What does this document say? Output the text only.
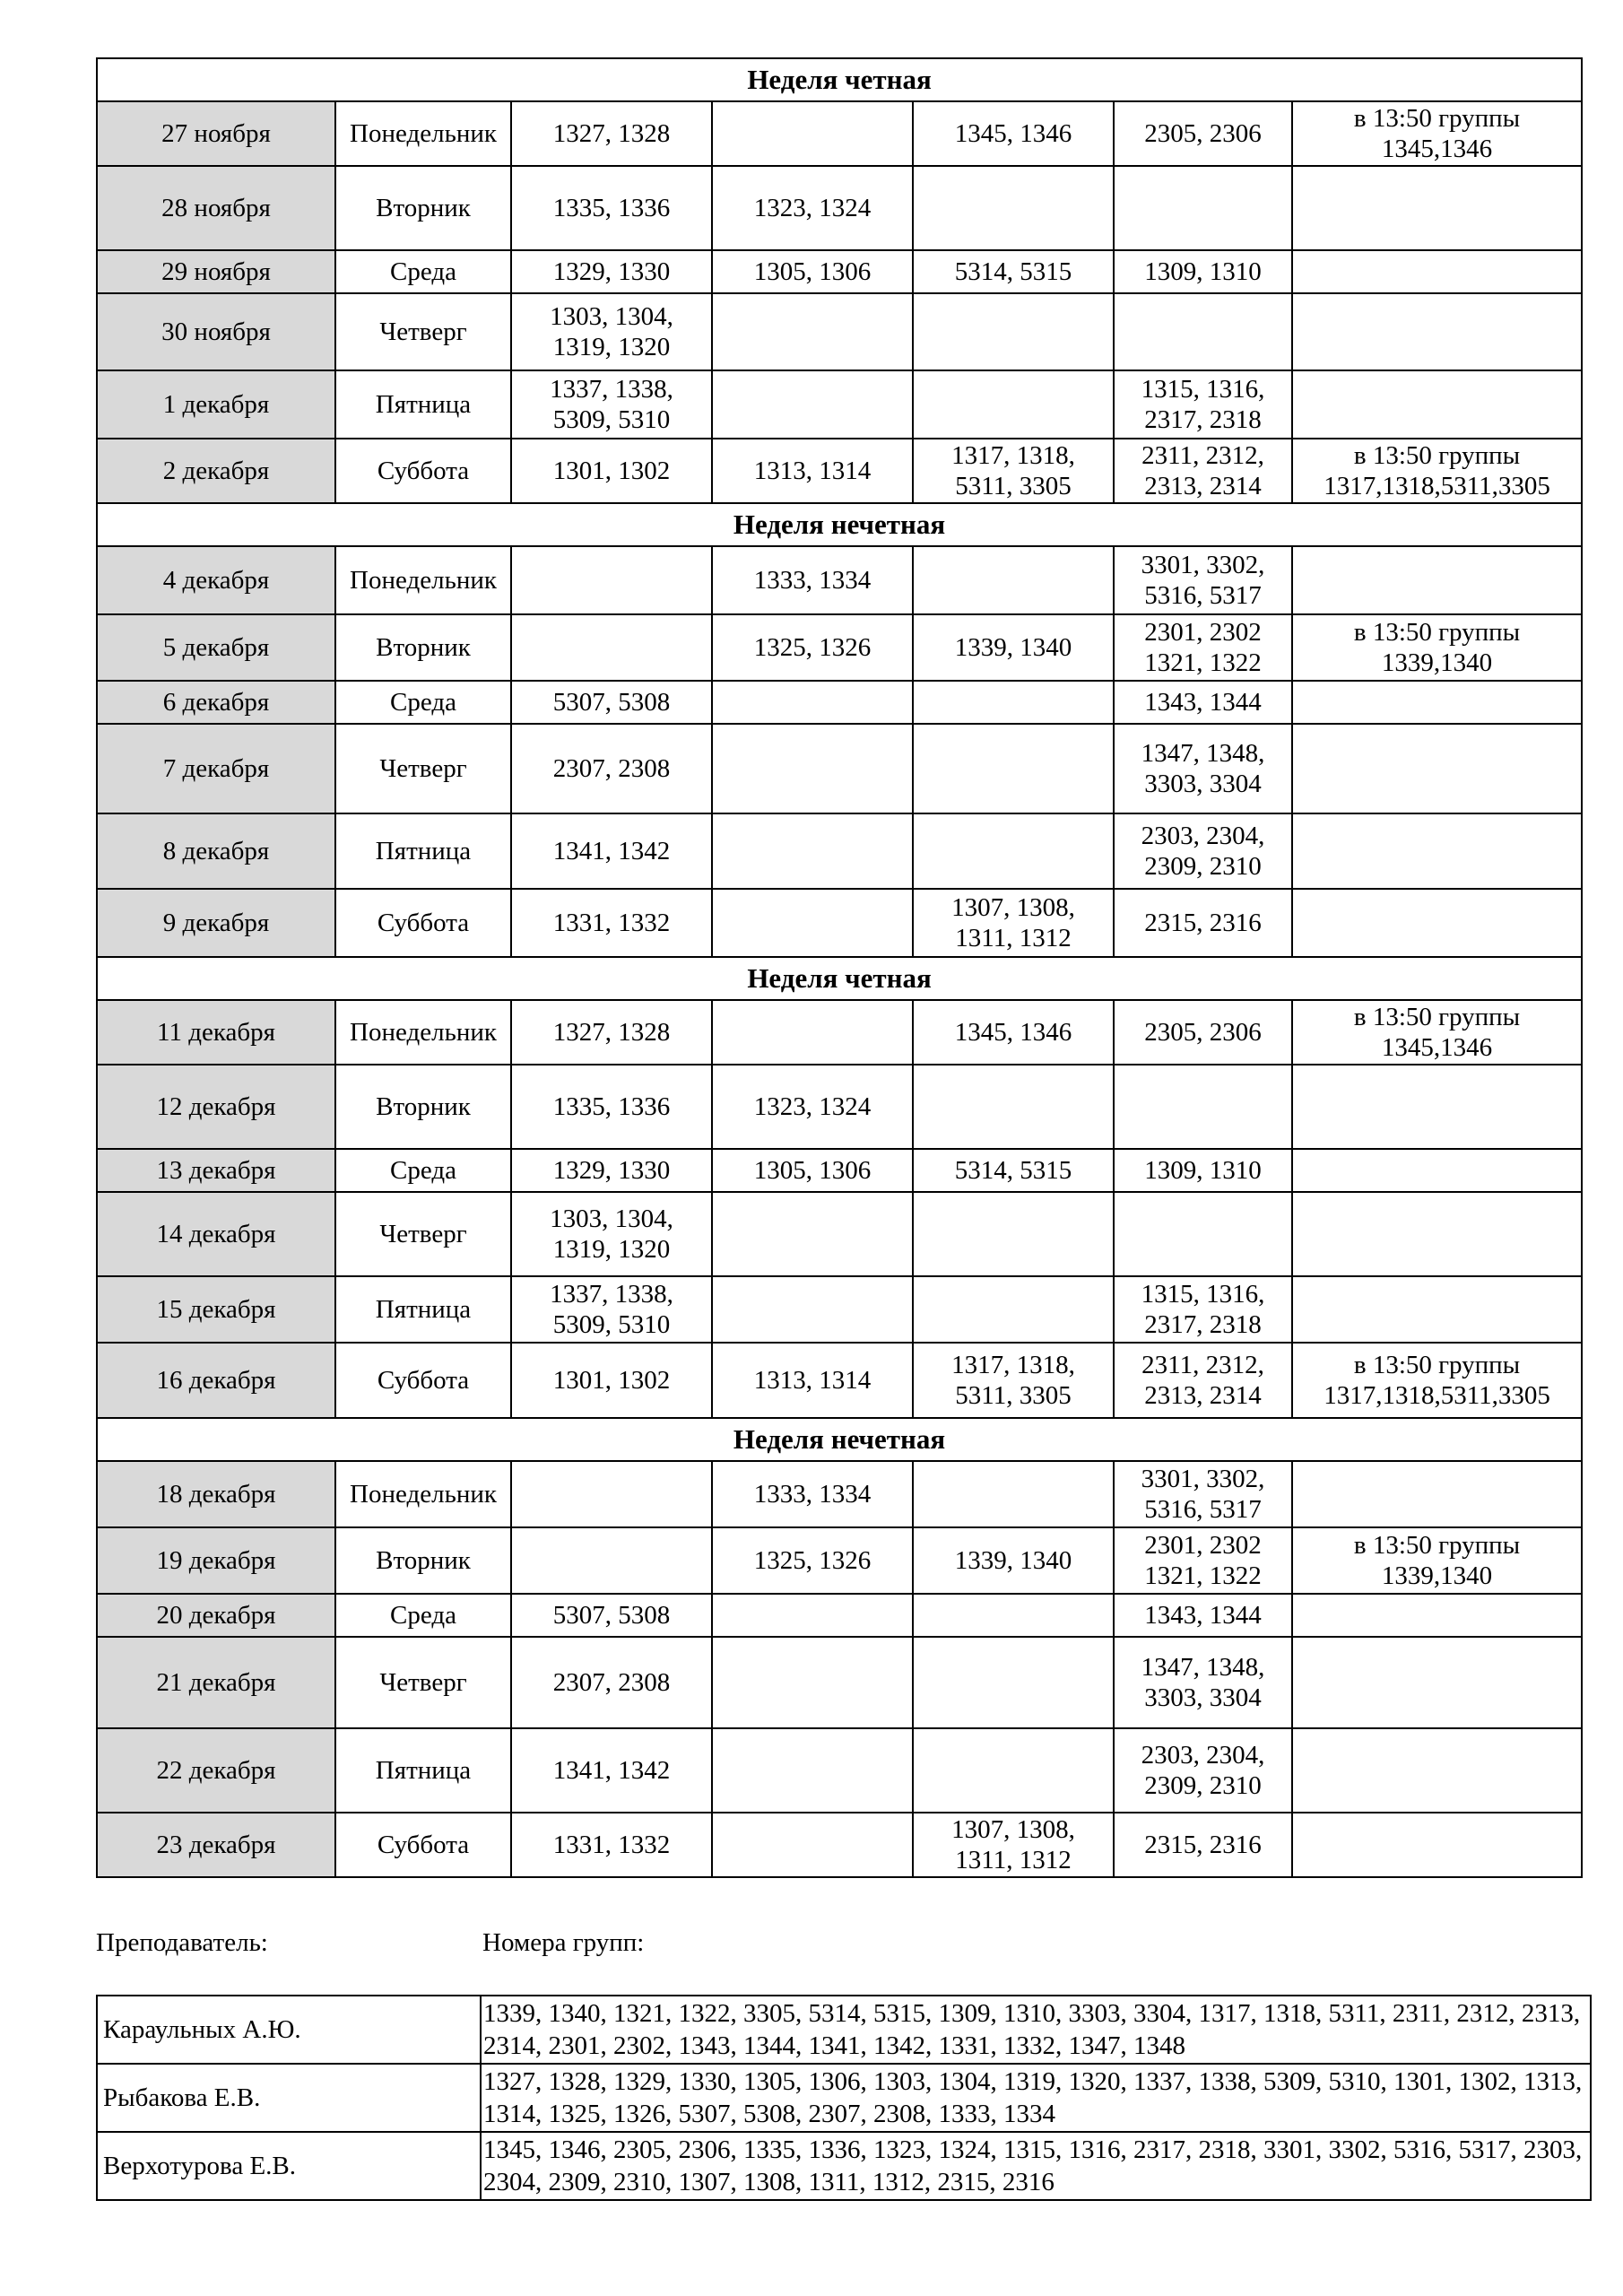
Неделя четная						
27 ноября	Понедельник	1327, 1328		1345, 1346	2305, 2306	в 13:50 группы
1345,1346
28 ноября	Вторник	1335, 1336	1323, 1324			
29 ноября	Среда	1329, 1330	1305, 1306	5314, 5315	1309, 1310	
30 ноября	Четверг	1303, 1304,
1319, 1320				
1 декабря	Пятница	1337, 1338,
5309, 5310			1315, 1316,
2317, 2318	
2 декабря	Суббота	1301, 1302	1313, 1314	1317, 1318,
5311, 3305	2311, 2312,
2313, 2314	в 13:50 группы
1317,1318,5311,3305
Неделя нечетная						
4 декабря	Понедельник		1333, 1334		3301, 3302,
5316, 5317	
5 декабря	Вторник		1325, 1326	1339, 1340	2301, 2302
1321, 1322	в 13:50 группы
1339,1340
6 декабря	Среда	5307, 5308			1343, 1344	
7 декабря	Четверг	2307, 2308			1347, 1348,
3303, 3304	
8 декабря	Пятница	1341, 1342			2303, 2304,
2309, 2310	
9 декабря	Суббота	1331, 1332		1307, 1308,
1311, 1312	2315, 2316	
Неделя четная						
11 декабря	Понедельник	1327, 1328		1345, 1346	2305, 2306	в 13:50 группы
1345,1346
12 декабря	Вторник	1335, 1336	1323, 1324			
13 декабря	Среда	1329, 1330	1305, 1306	5314, 5315	1309, 1310	
14 декабря	Четверг	1303, 1304,
1319, 1320				
15 декабря	Пятница	1337, 1338,
5309, 5310			1315, 1316,
2317, 2318	
16 декабря	Суббота	1301, 1302	1313, 1314	1317, 1318,
5311, 3305	2311, 2312,
2313, 2314	в 13:50 группы
1317,1318,5311,3305
Неделя нечетная						
18 декабря	Понедельник		1333, 1334		3301, 3302,
5316, 5317	
19 декабря	Вторник		1325, 1326	1339, 1340	2301, 2302
1321, 1322	в 13:50 группы
1339,1340
20 декабря	Среда	5307, 5308			1343, 1344	
21 декабря	Четверг	2307, 2308			1347, 1348,
3303, 3304	
22 декабря	Пятница	1341, 1342			2303, 2304,
2309, 2310	
23 декабря	Суббота	1331, 1332		1307, 1308,
1311, 1312	2315, 2316	
Преподаватель:	Номера групп:
Караульных А.Ю.	1339, 1340, 1321, 1322, 3305, 5314, 5315, 1309, 1310, 3303, 3304, 1317, 1318, 5311, 2311, 2312, 2313, 2314, 2301, 2302, 1343, 1344, 1341, 1342, 1331, 1332, 1347, 1348
Рыбакова Е.В.	1327, 1328, 1329, 1330, 1305, 1306, 1303, 1304, 1319, 1320, 1337, 1338, 5309, 5310, 1301, 1302, 1313, 1314, 1325, 1326, 5307, 5308, 2307, 2308, 1333, 1334
Верхотурова Е.В.	1345, 1346, 2305, 2306, 1335, 1336, 1323, 1324, 1315, 1316, 2317, 2318, 3301, 3302, 5316, 5317, 2303, 2304, 2309, 2310, 1307, 1308, 1311, 1312, 2315, 2316
